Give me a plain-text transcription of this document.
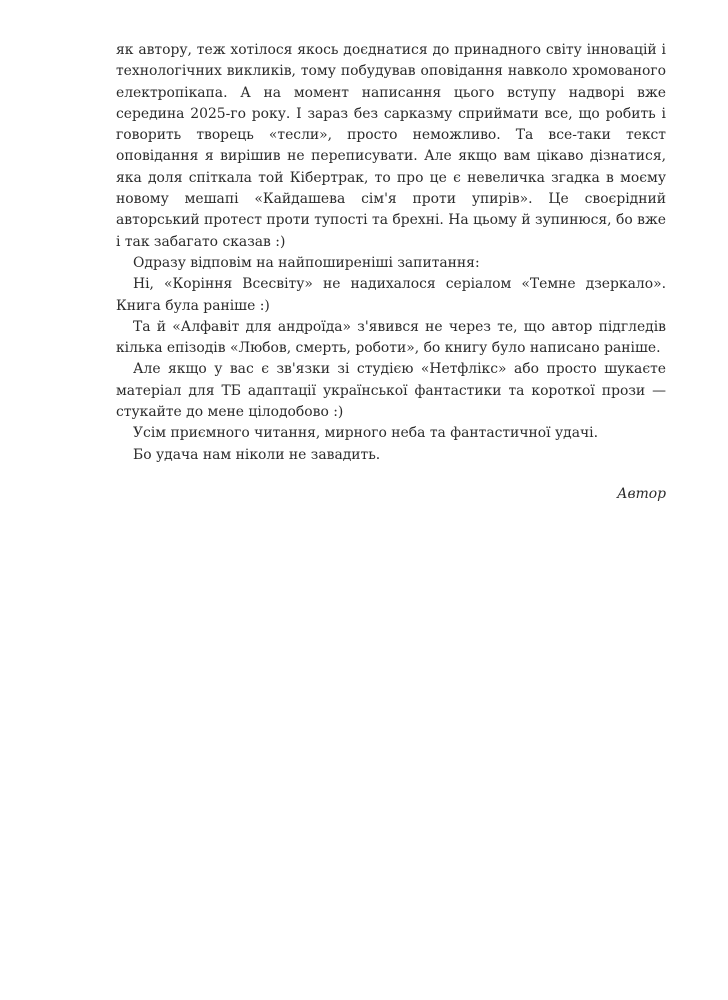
як автору, теж хотілося якось доєднатися до принадного світу інновацій і технологічних викликів, тому побудував оповідання навколо хромованого електропікапа. А на момент написання цього вступу надворі вже середина 2025-го року. І зараз без сарказму сприймати все, що робить і говорить творець «тесли», просто неможливо. Та все-таки текст оповідання я вирішив не переписувати. Але якщо вам цікаво дізнатися, яка доля спіткала той Кібертрак, то про це є невеличка згадка в моєму новому мешапі «Кайдашева сім'я проти упирів». Це своєрідний авторський протест проти тупості та брехні. На цьому й зупинюся, бо вже і так забагато сказав :)

Одразу відповім на найпоширеніші запитання:

Ні, «Коріння Всесвіту» не надихалося серіалом «Темне дзеркало». Книга була раніше :)

Та й «Алфавіт для андроїда» з'явився не через те, що автор підгледів кілька епізодів «Любов, смерть, роботи», бо книгу було написано раніше.

Але якщо у вас є зв'язки зі студією «Нетфлікс» або просто шукаєте матеріал для ТБ адаптації української фантастики та короткої прози — стукайте до мене цілодобово :)

Усім приємного читання, мирного неба та фантастичної удачі.

Бо удача нам ніколи не завадить.

Автор
